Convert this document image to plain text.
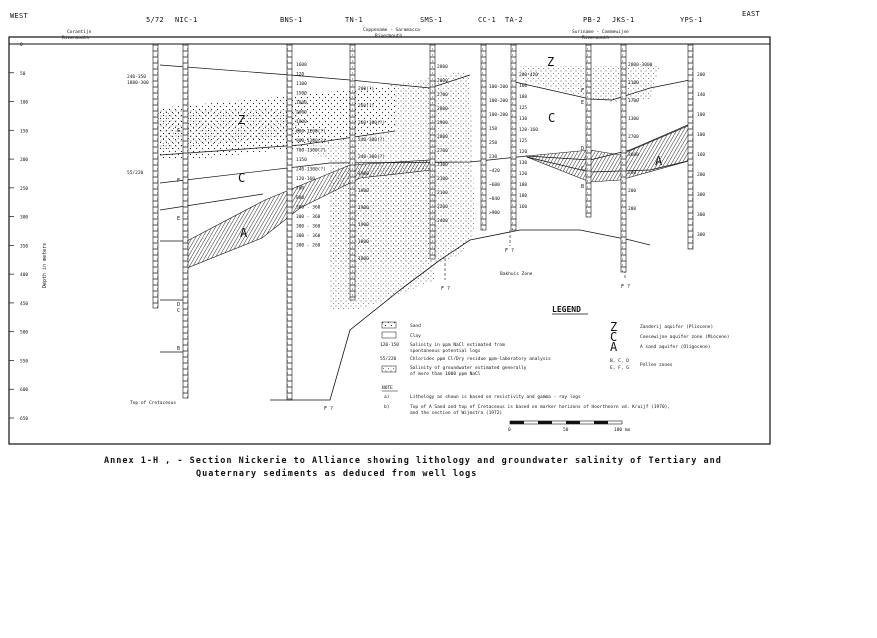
WEST	EAST
5/72 NIC-1	BNS-1	TN-1	SMS-1	CC-1 TA-2	PB-2 JKS-1	YPS-1
Corantijn
Rivermouth
Coppename - Saramacca
Rivermouth
Suriname - Commewijne
Rivermouth
0
50
100
150
200
250
300
350
400
450
500
550
600
650
Depth in meters
Z
C
A
Z
C
A
G
F
E
D
C
B
F
E
D
C
B
F ?
F ?
F ?
F ?
Bakhuis Zone
Top of Cretaceous
240-350
1880-300
55/220
1600
120
1100
1500
1800
2000
1800
800-1200(?)
900-1300(?)
700-1300(?)
1150
240-1300(?)
120-160
780
880
300 - 360
300 - 360
300 - 360
300 - 360
300 - 260
200(?)
260(?)
260-300(?)
240-300(?)
240-300(?)
1900
1900
1900
1900
1800
1800
2800
2800
2700
2800
2900
2800
2700
2300
2100
2100
2200
2400
100-200
100-200
100-200
150
250
230
~420
~600
~840
>900
200-420
160
180
125
130
120-160
125
120
130
120
180
180
160
2800-3000
1100
1700
1300
2700
3600
280
200
280
200
140
100
100
160
200
300
300
300
LEGEND
Sand
Clay
120-150 Salinity in ppm NaCl estimated from
spontaneous potential logs
55/220	Chlorides ppm Cl/Dry residue ppm-laboratory analysis
Salinity of groundwater estimated generally
of more than 1000 ppm NaCl
Z	Zanderij aquifer (Pliocene)
C	Coesewijne aquifer zone (Miocene)
A	A sand aquifer (Oligocene)
B, C, D
E, F, G
Pollen zones
NOTE
a)	Lithology as shown is based on resistivity and gamma - ray logs
b)	Top of A Sand and top of Cretaceous is based on marker horizons of Hoorthoorn vd. Kruijf (1970),
and the section of Wijmstra (1972)
0	50	100 km
Annex 1-H , - Section Nickerie to Alliance showing lithology and groundwater salinity of Tertiary and
Quaternary sediments as deduced from well logs
